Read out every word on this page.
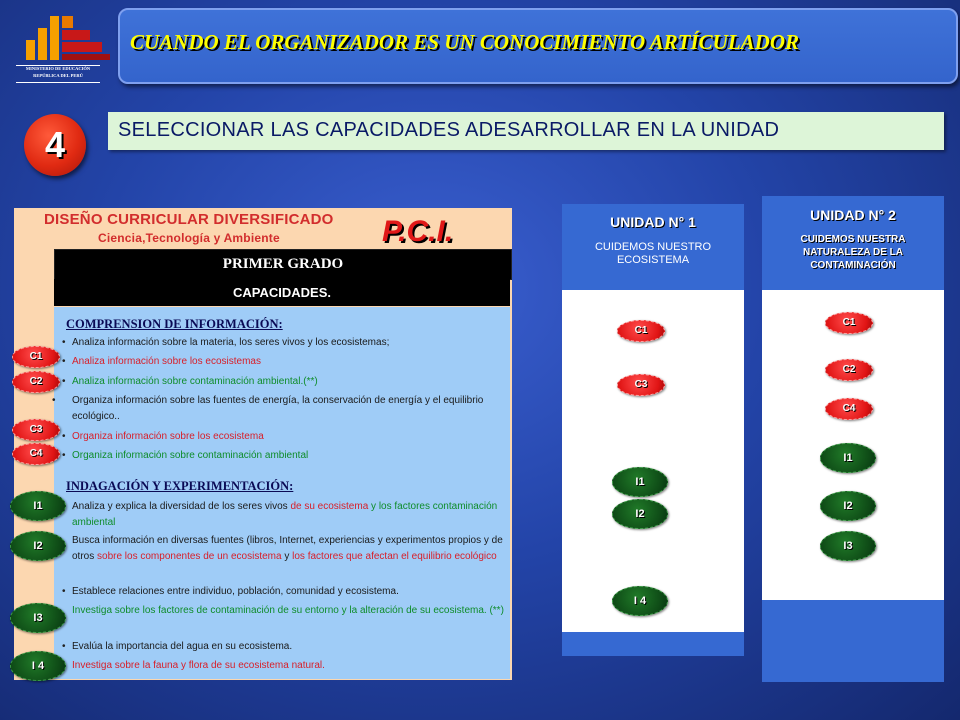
MINISTERIO DE EDUCACIÓN
REPÚBLICA DEL PERÚ
CUANDO EL ORGANIZADOR ES UN CONOCIMIENTO ARTÍCULADOR
4	SELECCIONAR LAS CAPACIDADES ADESARROLLAR EN LA UNIDAD
DISEÑO CURRICULAR DIVERSIFICADO
Ciencia,Tecnología y Ambiente	P.C.I.
PRIMER GRADO
CAPACIDADES.
COMPRENSION DE INFORMACIÓN:
• Analiza información sobre la materia, los seres vivos y los ecosistemas;
• Analiza información sobre los ecosistemas
• Analiza información sobre contaminación ambiental.(**)
• Organiza información sobre las fuentes de energía, la conservación de energía y el equilibrio ecológico..
• Organiza información sobre los ecosistema
• Organiza información sobre contaminación ambiental
INDAGACIÓN Y EXPERIMENTACIÓN:
Analiza y explica la diversidad de los seres vivos de su ecosistema y los factores contaminación ambiental
Busca información en diversas fuentes (libros, Internet, experiencias y experimentos propios y de otros sobre los componentes de un ecosistema y los factores que afectan el equilibrio ecológico
• Establece relaciones entre individuo, población, comunidad y ecosistema.
Investiga sobre los factores de contaminación de su entorno y la alteración de su ecosistema. (**)
• Evalúa la importancia del agua en su ecosistema.
Investiga sobre la fauna y flora de su ecosistema natural.
C1
C2
C3
C4
I1
I2
I3
I 4
UNIDAD N° 1
CUIDEMOS NUESTRO ECOSISTEMA
C1
C3
I1
I2
I 4
UNIDAD N° 2
CUIDEMOS NUESTRA NATURALEZA DE LA CONTAMINACIÓN
C1
C2
C4
I1
I2
I3
